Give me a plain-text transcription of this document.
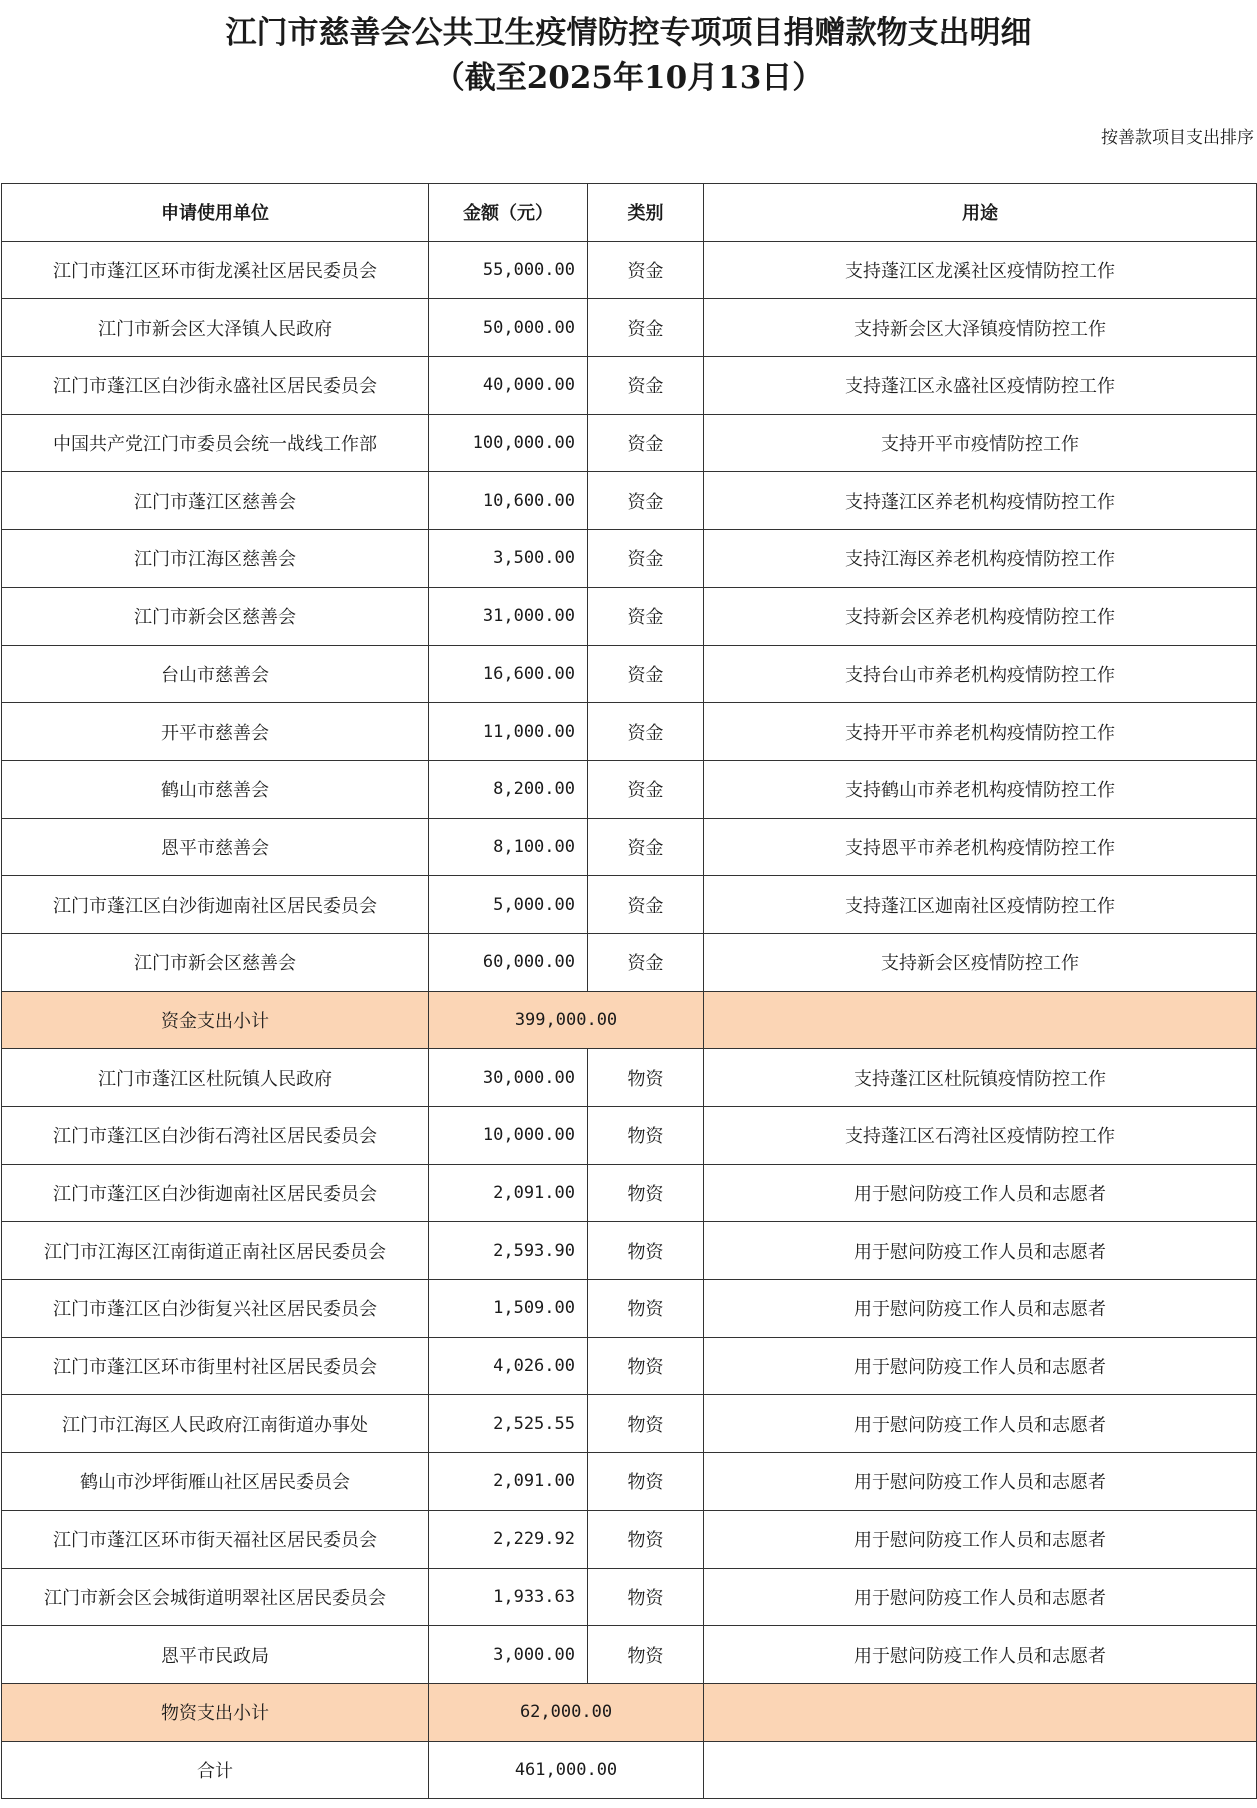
江门市慈善会公共卫生疫情防控专项项目捐赠款物支出明细
（截至2025年10月13日）
按善款项目支出排序
申请使用单位	金额（元）	类别	用途
江门市蓬江区环市街龙溪社区居民委员会	55,000.00	资金	支持蓬江区龙溪社区疫情防控工作
江门市新会区大泽镇人民政府	50,000.00	资金	支持新会区大泽镇疫情防控工作
江门市蓬江区白沙街永盛社区居民委员会	40,000.00	资金	支持蓬江区永盛社区疫情防控工作
中国共产党江门市委员会统一战线工作部	100,000.00	资金	支持开平市疫情防控工作
江门市蓬江区慈善会	10,600.00	资金	支持蓬江区养老机构疫情防控工作
江门市江海区慈善会	3,500.00	资金	支持江海区养老机构疫情防控工作
江门市新会区慈善会	31,000.00	资金	支持新会区养老机构疫情防控工作
台山市慈善会	16,600.00	资金	支持台山市养老机构疫情防控工作
开平市慈善会	11,000.00	资金	支持开平市养老机构疫情防控工作
鹤山市慈善会	8,200.00	资金	支持鹤山市养老机构疫情防控工作
恩平市慈善会	8,100.00	资金	支持恩平市养老机构疫情防控工作
江门市蓬江区白沙街迦南社区居民委员会	5,000.00	资金	支持蓬江区迦南社区疫情防控工作
江门市新会区慈善会	60,000.00	资金	支持新会区疫情防控工作
资金支出小计	399,000.00		
江门市蓬江区杜阮镇人民政府	30,000.00	物资	支持蓬江区杜阮镇疫情防控工作
江门市蓬江区白沙街石湾社区居民委员会	10,000.00	物资	支持蓬江区石湾社区疫情防控工作
江门市蓬江区白沙街迦南社区居民委员会	2,091.00	物资	用于慰问防疫工作人员和志愿者
江门市江海区江南街道正南社区居民委员会	2,593.90	物资	用于慰问防疫工作人员和志愿者
江门市蓬江区白沙街复兴社区居民委员会	1,509.00	物资	用于慰问防疫工作人员和志愿者
江门市蓬江区环市街里村社区居民委员会	4,026.00	物资	用于慰问防疫工作人员和志愿者
江门市江海区人民政府江南街道办事处	2,525.55	物资	用于慰问防疫工作人员和志愿者
鹤山市沙坪街雁山社区居民委员会	2,091.00	物资	用于慰问防疫工作人员和志愿者
江门市蓬江区环市街天福社区居民委员会	2,229.92	物资	用于慰问防疫工作人员和志愿者
江门市新会区会城街道明翠社区居民委员会	1,933.63	物资	用于慰问防疫工作人员和志愿者
恩平市民政局	3,000.00	物资	用于慰问防疫工作人员和志愿者
物资支出小计	62,000.00		
合计	461,000.00		
